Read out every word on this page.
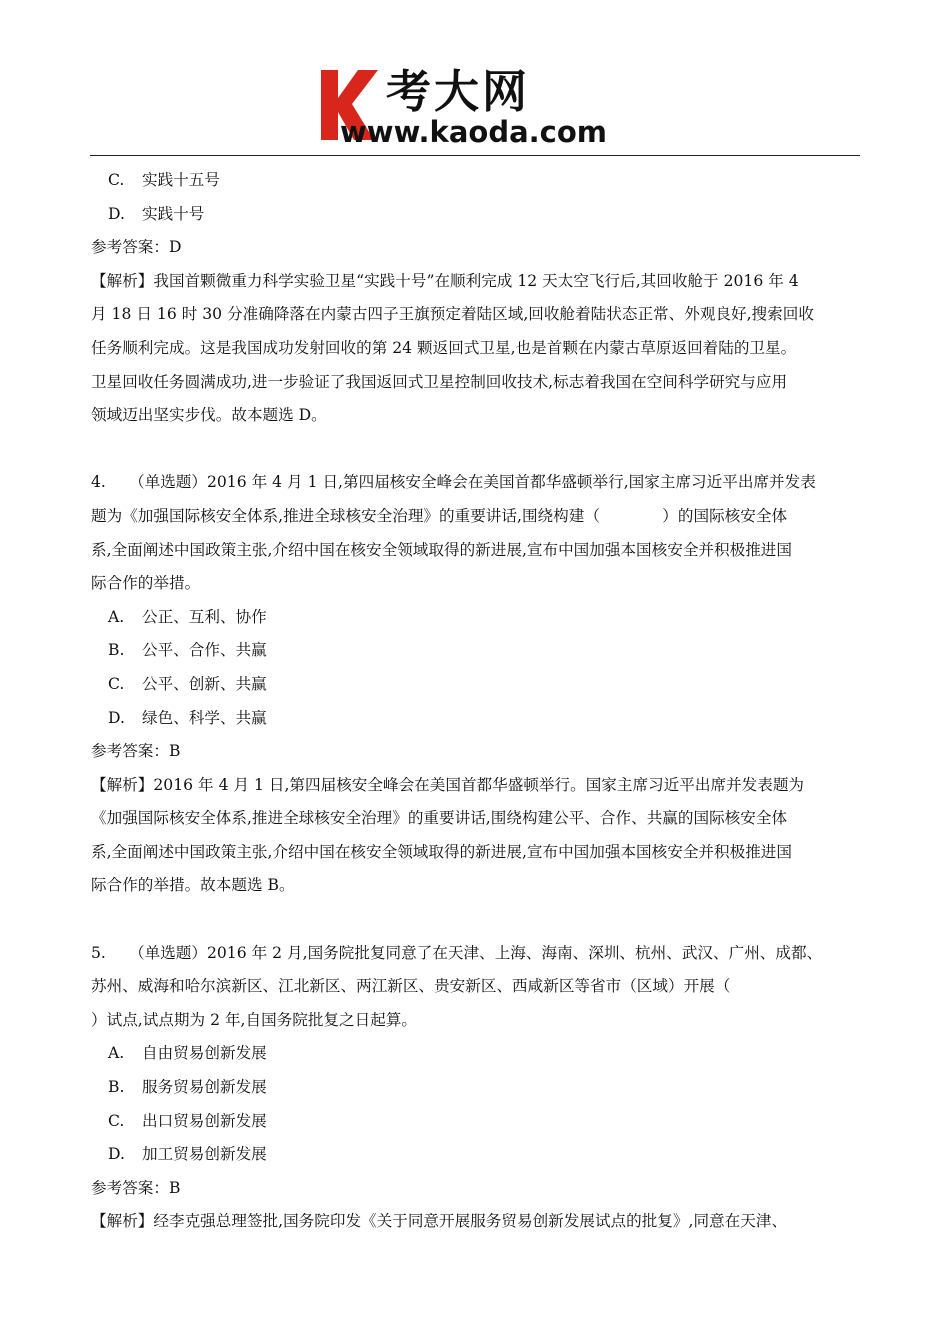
考大网
www.kaoda.com
C. 实践十五号
D. 实践十号
参考答案：D
【解析】我国首颗微重力科学实验卫星“实践十号”在顺利完成 12 天太空飞行后,其回收舱于 2016 年 4
月 18 日 16 时 30 分准确降落在内蒙古四子王旗预定着陆区域,回收舱着陆状态正常、外观良好,搜索回收
任务顺利完成。这是我国成功发射回收的第 24 颗返回式卫星,也是首颗在内蒙古草原返回着陆的卫星。
卫星回收任务圆满成功,进一步验证了我国返回式卫星控制回收技术,标志着我国在空间科学研究与应用
领域迈出坚实步伐。故本题选 D。
4. （单选题）2016 年 4 月 1 日,第四届核安全峰会在美国首都华盛顿举行,国家主席习近平出席并发表
题为《加强国际核安全体系,推进全球核安全治理》的重要讲话,围绕构建（　　　　）的国际核安全体
系,全面阐述中国政策主张,介绍中国在核安全领域取得的新进展,宣布中国加强本国核安全并积极推进国
际合作的举措。
A. 公正、互利、协作
B. 公平、合作、共赢
C. 公平、创新、共赢
D. 绿色、科学、共赢
参考答案：B
【解析】2016 年 4 月 1 日,第四届核安全峰会在美国首都华盛顿举行。国家主席习近平出席并发表题为
《加强国际核安全体系,推进全球核安全治理》的重要讲话,围绕构建公平、合作、共赢的国际核安全体
系,全面阐述中国政策主张,介绍中国在核安全领域取得的新进展,宣布中国加强本国核安全并积极推进国
际合作的举措。故本题选 B。
5. （单选题）2016 年 2 月,国务院批复同意了在天津、上海、海南、深圳、杭州、武汉、广州、成都、
苏州、威海和哈尔滨新区、江北新区、两江新区、贵安新区、西咸新区等省市（区域）开展（
）试点,试点期为 2 年,自国务院批复之日起算。
A. 自由贸易创新发展
B. 服务贸易创新发展
C. 出口贸易创新发展
D. 加工贸易创新发展
参考答案：B
【解析】经李克强总理签批,国务院印发《关于同意开展服务贸易创新发展试点的批复》,同意在天津、
